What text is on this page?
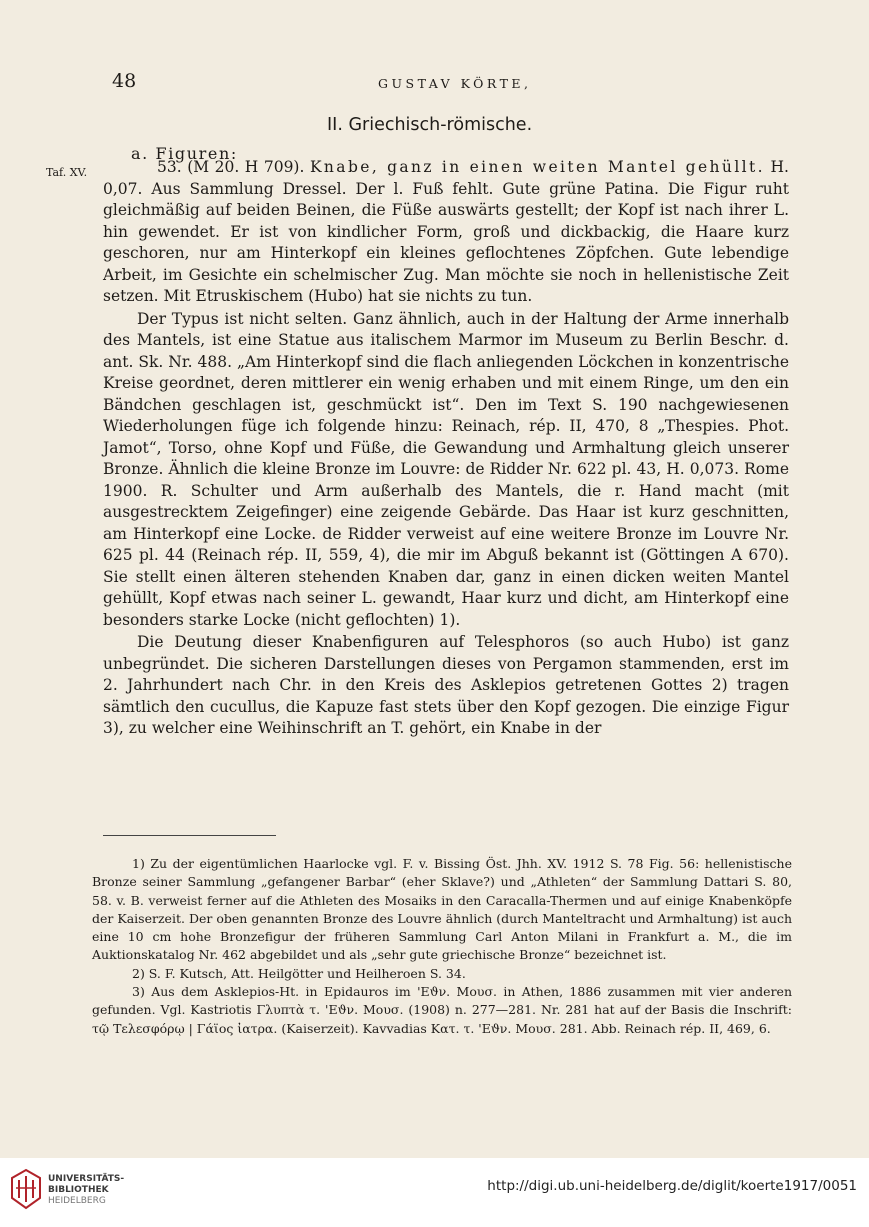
48	GUSTAV KÖRTE,
II. Griechisch-römische.
a. Figuren:
Taf. XV.	53. (M 20. H 709). Knabe, ganz in einen weiten Mantel gehüllt. H. 0,07. Aus Sammlung Dressel. Der l. Fuß fehlt. Gute grüne Patina. Die Figur ruht gleichmäßig auf beiden Beinen, die Füße auswärts gestellt; der Kopf ist nach ihrer L. hin gewendet. Er ist von kindlicher Form, groß und dickbackig, die Haare kurz geschoren, nur am Hinterkopf ein kleines geflochtenes Zöpfchen. Gute lebendige Arbeit, im Gesichte ein schelmischer Zug. Man möchte sie noch in hellenistische Zeit setzen. Mit Etruskischem (Hubo) hat sie nichts zu tun.

Der Typus ist nicht selten. Ganz ähnlich, auch in der Haltung der Arme innerhalb des Mantels, ist eine Statue aus italischem Marmor im Museum zu Berlin Beschr. d. ant. Sk. Nr. 488. „Am Hinterkopf sind die flach anliegenden Löckchen in konzentrische Kreise geordnet, deren mittlerer ein wenig erhaben und mit einem Ringe, um den ein Bändchen geschlagen ist, geschmückt ist“. Den im Text S. 190 nachgewiesenen Wiederholungen füge ich folgende hinzu: Reinach, rép. II, 470, 8 „Thespies. Phot. Jamot“, Torso, ohne Kopf und Füße, die Gewandung und Armhaltung gleich unserer Bronze. Ähnlich die kleine Bronze im Louvre: de Ridder Nr. 622 pl. 43, H. 0,073. Rome 1900. R. Schulter und Arm außerhalb des Mantels, die r. Hand macht (mit ausgestrecktem Zeigefinger) eine zeigende Gebärde. Das Haar ist kurz geschnitten, am Hinterkopf eine Locke. de Ridder verweist auf eine weitere Bronze im Louvre Nr. 625 pl. 44 (Reinach rép. II, 559, 4), die mir im Abguß bekannt ist (Göttingen A 670). Sie stellt einen älteren stehenden Knaben dar, ganz in einen dicken weiten Mantel gehüllt, Kopf etwas nach seiner L. gewandt, Haar kurz und dicht, am Hinterkopf eine besonders starke Locke (nicht geflochten) 1).

Die Deutung dieser Knabenfiguren auf Telesphoros (so auch Hubo) ist ganz unbegründet. Die sicheren Darstellungen dieses von Pergamon stammenden, erst im 2. Jahrhundert nach Chr. in den Kreis des Asklepios getretenen Gottes 2) tragen sämtlich den cucullus, die Kapuze fast stets über den Kopf gezogen. Die einzige Figur 3), zu welcher eine Weihinschrift an T. gehört, ein Knabe in der

1) Zu der eigentümlichen Haarlocke vgl. F. v. Bissing Öst. Jhh. XV. 1912 S. 78 Fig. 56: hellenistische Bronze seiner Sammlung „gefangener Barbar“ (eher Sklave?) und „Athleten“ der Sammlung Dattari S. 80, 58. v. B. verweist ferner auf die Athleten des Mosaiks in den Caracalla-Thermen und auf einige Knabenköpfe der Kaiserzeit. Der oben genannten Bronze des Louvre ähnlich (durch Manteltracht und Armhaltung) ist auch eine 10 cm hohe Bronzefigur der früheren Sammlung Carl Anton Milani in Frankfurt a. M., die im Auktionskatalog Nr. 462 abgebildet und als „sehr gute griechische Bronze“ bezeichnet ist.

2) S. F. Kutsch, Att. Heilgötter und Heilheroen S. 34.

3) Aus dem Asklepios-Ht. in Epidauros im 'Eϑν. Μουσ. in Athen, 1886 zusammen mit vier anderen gefunden. Vgl. Kastriotis Γλυπτὰ τ. 'Eϑν. Μουσ. (1908) n. 277—281. Nr. 281 hat auf der Basis die Inschrift: τῷ Τελεσφόρῳ | Γάϊος ἰατρα. (Kaiserzeit). Kavvadias Κατ. τ. 'Eϑν. Μουσ. 281. Abb. Reinach rép. II, 469, 6.

UNIVERSITÄTS-
BIBLIOTHEK
HEIDELBERG
http://digi.ub.uni-heidelberg.de/diglit/koerte1917/0051
